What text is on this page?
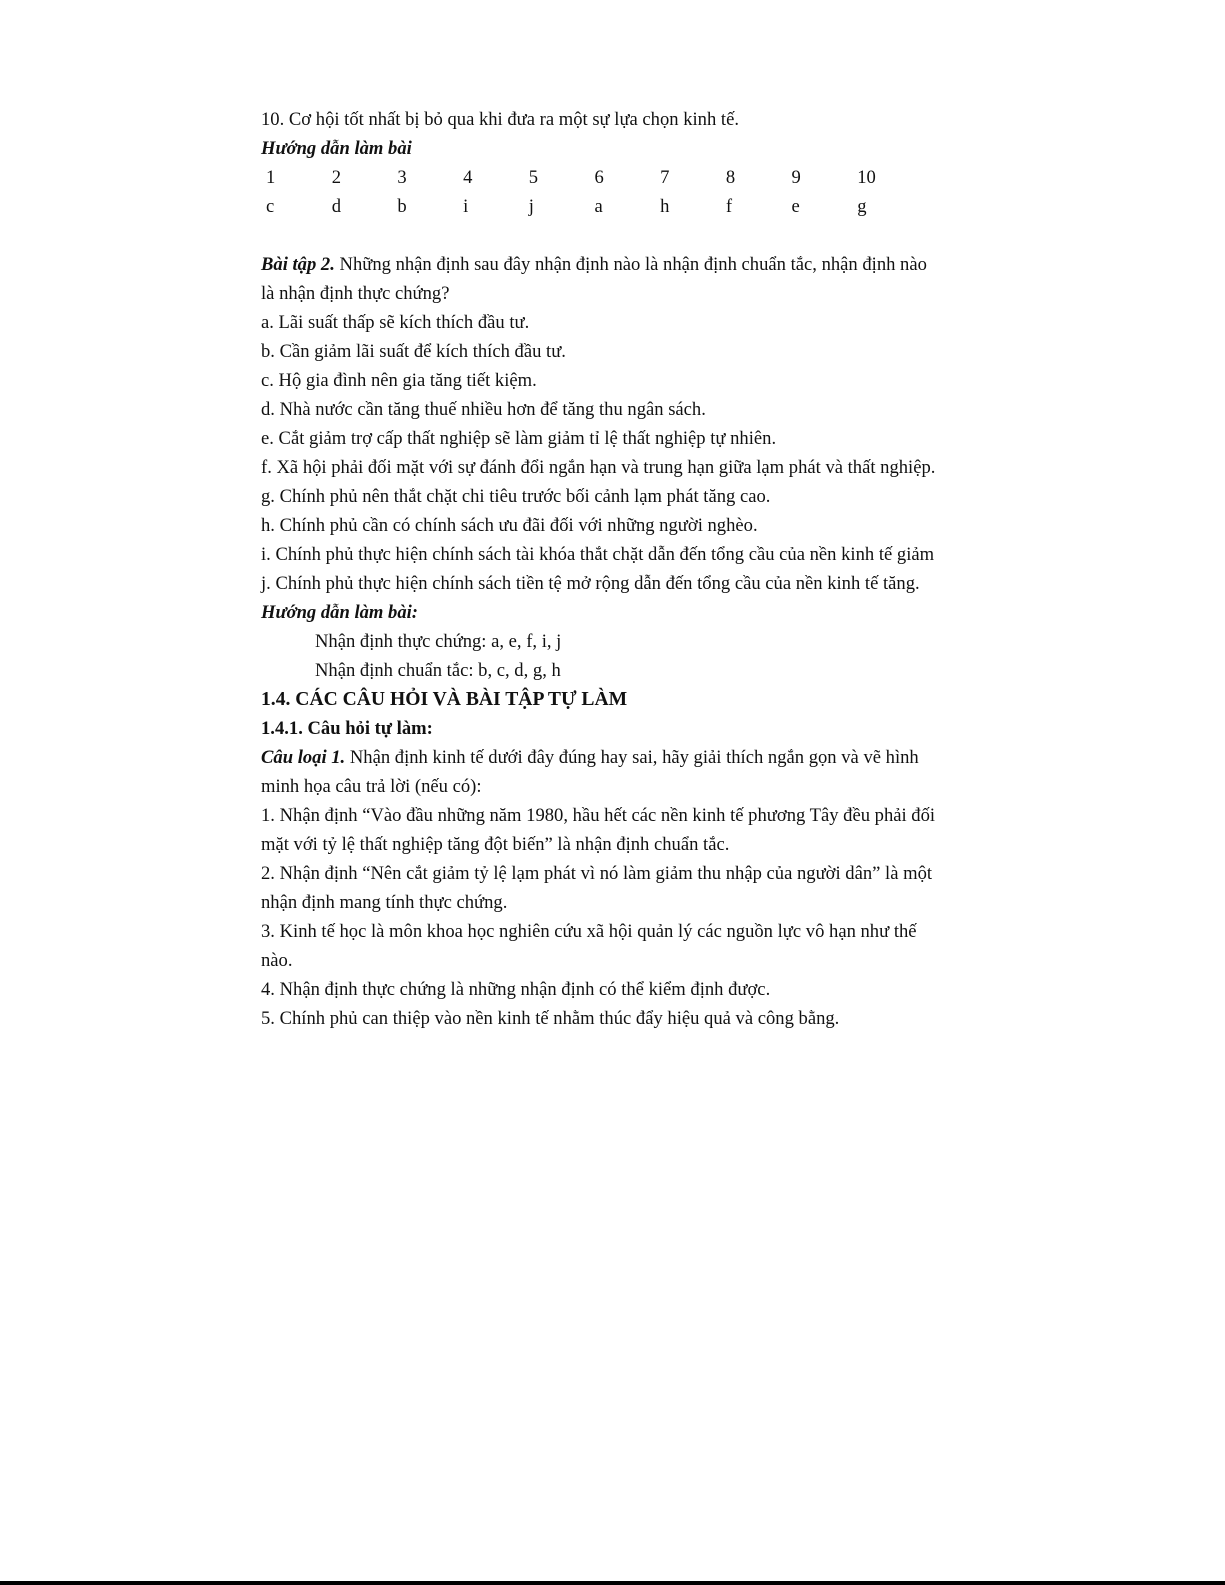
10. Cơ hội tốt nhất bị bỏ qua khi đưa ra một sự lựa chọn kinh tế.
Hướng dẫn làm bài
1	2	3	4	5	6	7	8	9	10
c	d	b	i	j	a	h	f	e	g
Bài tập 2. Những nhận định sau đây nhận định nào là nhận định chuẩn tắc, nhận định nào
là nhận định thực chứng?
a. Lãi suất thấp sẽ kích thích đầu tư.
b. Cần giảm lãi suất để kích thích đầu tư.
c. Hộ gia đình nên gia tăng tiết kiệm.
d. Nhà nước cần tăng thuế nhiều hơn để tăng thu ngân sách.
e. Cắt giảm trợ cấp thất nghiệp sẽ làm giảm tỉ lệ thất nghiệp tự nhiên.
f. Xã hội phải đối mặt với sự đánh đổi ngắn hạn và trung hạn giữa lạm phát và thất nghiệp.
g. Chính phủ nên thắt chặt chi tiêu trước bối cảnh lạm phát tăng cao.
h. Chính phủ cần có chính sách ưu đãi đối với những người nghèo.
i. Chính phủ thực hiện chính sách tài khóa thắt chặt dẫn đến tổng cầu của nền kinh tế giảm
j. Chính phủ thực hiện chính sách tiền tệ mở rộng dẫn đến tổng cầu của nền kinh tế tăng.
Hướng dẫn làm bài:
Nhận định thực chứng: a, e, f, i, j
Nhận định chuẩn tắc: b, c, d, g, h
1.4. CÁC CÂU HỎI VÀ BÀI TẬP TỰ LÀM
1.4.1. Câu hỏi tự làm:
Câu loại 1. Nhận định kinh tế dưới đây đúng hay sai, hãy giải thích ngắn gọn và vẽ hình
minh họa câu trả lời (nếu có):
1. Nhận định “Vào đầu những năm 1980, hầu hết các nền kinh tế phương Tây đều phải đối
mặt với tỷ lệ thất nghiệp tăng đột biến” là nhận định chuẩn tắc.
2. Nhận định “Nên cắt giảm tỷ lệ lạm phát vì nó làm giảm thu nhập của người dân” là một
nhận định mang tính thực chứng.
3. Kinh tế học là môn khoa học nghiên cứu xã hội quản lý các nguồn lực vô hạn như thế
nào.
4. Nhận định thực chứng là những nhận định có thể kiểm định được.
5. Chính phủ can thiệp vào nền kinh tế nhằm thúc đẩy hiệu quả và công bằng.
